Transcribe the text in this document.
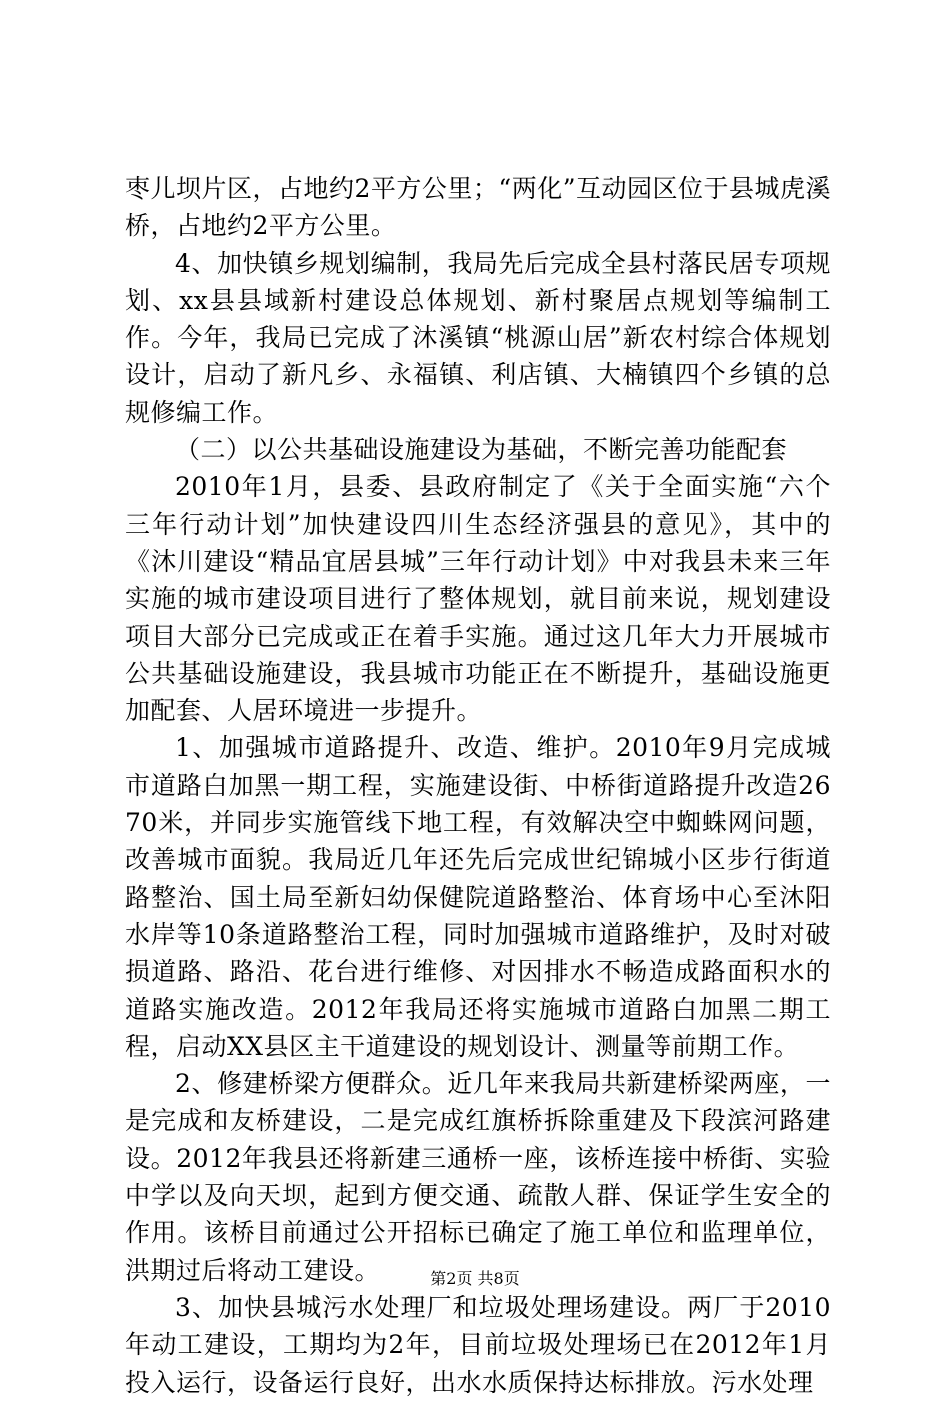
枣儿坝片区，占地约2平方公里；“两化”互动园区位于县城虎溪桥，占地约2平方公里。

4、加快镇乡规划编制，我局先后完成全县村落民居专项规划、xx县县域新村建设总体规划、新村聚居点规划等编制工作。今年，我局已完成了沐溪镇“桃源山居”新农村综合体规划设计，启动了新凡乡、永福镇、利店镇、大楠镇四个乡镇的总规修编工作。

（二）以公共基础设施建设为基础，不断完善功能配套

2010年1月，县委、县政府制定了《关于全面实施“六个三年行动计划”加快建设四川生态经济强县的意见》，其中的《沐川建设“精品宜居县城”三年行动计划》中对我县未来三年实施的城市建设项目进行了整体规划，就目前来说，规划建设项目大部分已完成或正在着手实施。通过这几年大力开展城市公共基础设施建设，我县城市功能正在不断提升，基础设施更加配套、人居环境进一步提升。

1、加强城市道路提升、改造、维护。2010年9月完成城市道路白加黑一期工程，实施建设街、中桥街道路提升改造2670米，并同步实施管线下地工程，有效解决空中蜘蛛网问题，改善城市面貌。我局近几年还先后完成世纪锦城小区步行街道路整治、国土局至新妇幼保健院道路整治、体育场中心至沐阳水岸等10条道路整治工程，同时加强城市道路维护，及时对破损道路、路沿、花台进行维修、对因排水不畅造成路面积水的道路实施改造。2012年我局还将实施城市道路白加黑二期工程，启动XX县区主干道建设的规划设计、测量等前期工作。

2、修建桥梁方便群众。近几年来我局共新建桥梁两座，一是完成和友桥建设，二是完成红旗桥拆除重建及下段滨河路建设。2012年我县还将新建三通桥一座，该桥连接中桥街、实验中学以及向天坝，起到方便交通、疏散人群、保证学生安全的作用。该桥目前通过公开招标已确定了施工单位和监理单位，洪期过后将动工建设。

3、加快县城污水处理厂和垃圾处理场建设。两厂于2010年动工建设，工期均为2年，目前垃圾处理场已在2012年1月投入运行，设备运行良好，出水水质保持达标排放。污水处理

第2页 共8页
